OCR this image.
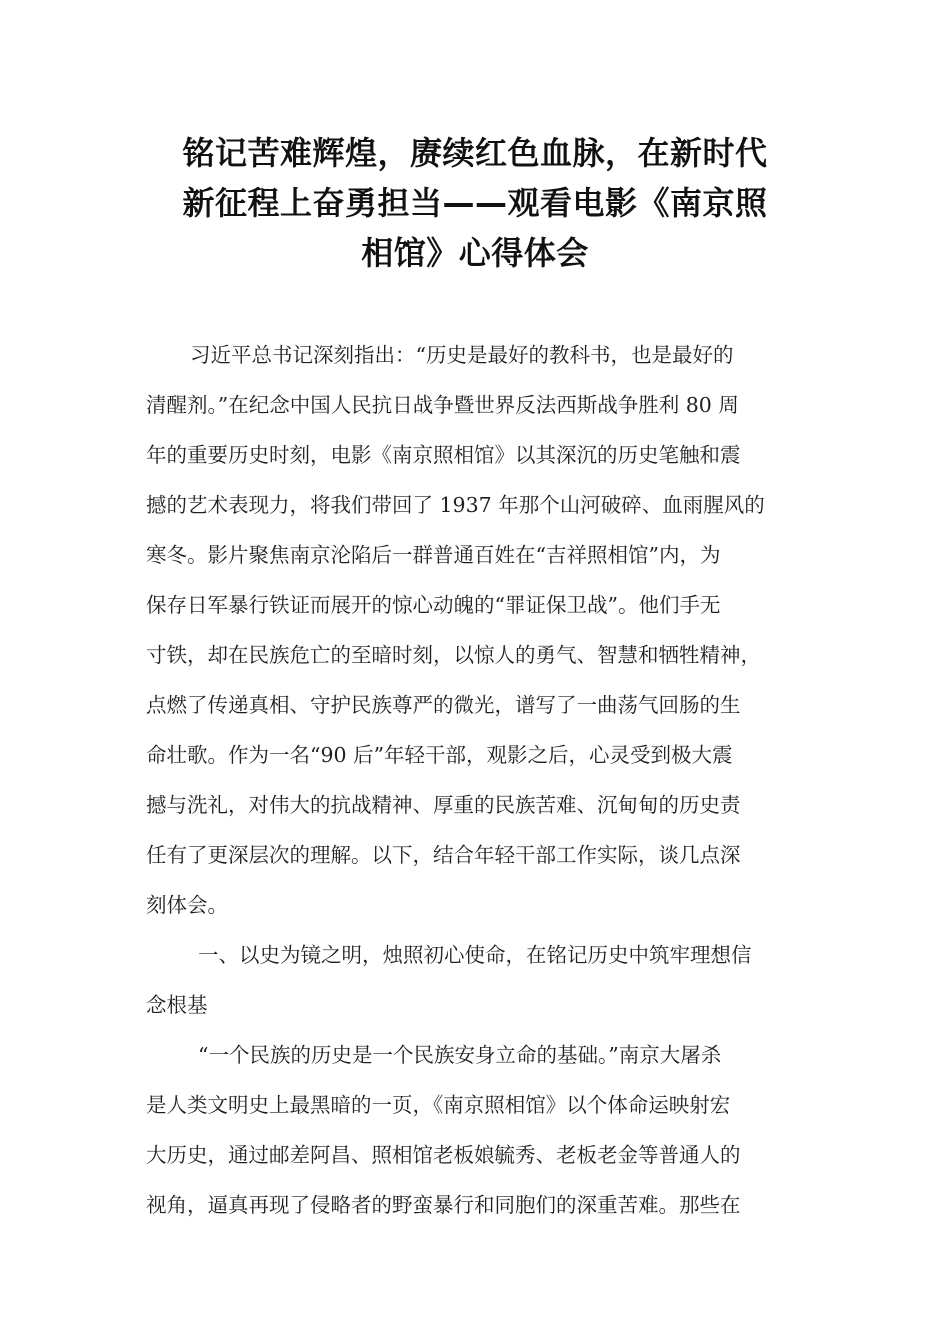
铭记苦难辉煌，赓续红色血脉，在新时代
新征程上奋勇担当——观看电影《南京照
相馆》心得体会

习近平总书记深刻指出：“历史是最好的教科书，也是最好的
清醒剂。”在纪念中国人民抗日战争暨世界反法西斯战争胜利 80 周
年的重要历史时刻，电影《南京照相馆》以其深沉的历史笔触和震
撼的艺术表现力，将我们带回了 1937 年那个山河破碎、血雨腥风的
寒冬。影片聚焦南京沦陷后一群普通百姓在“吉祥照相馆”内，为
保存日军暴行铁证而展开的惊心动魄的“罪证保卫战”。他们手无
寸铁，却在民族危亡的至暗时刻，以惊人的勇气、智慧和牺牲精神，
点燃了传递真相、守护民族尊严的微光，谱写了一曲荡气回肠的生
命壮歌。作为一名“90 后”年轻干部，观影之后，心灵受到极大震
撼与洗礼，对伟大的抗战精神、厚重的民族苦难、沉甸甸的历史责
任有了更深层次的理解。以下，结合年轻干部工作实际，谈几点深
刻体会。

一、以史为镜之明，烛照初心使命，在铭记历史中筑牢理想信
念根基

“一个民族的历史是一个民族安身立命的基础。”南京大屠杀
是人类文明史上最黑暗的一页，《南京照相馆》以个体命运映射宏
大历史，通过邮差阿昌、照相馆老板娘毓秀、老板老金等普通人的
视角，逼真再现了侵略者的野蛮暴行和同胞们的深重苦难。那些在
